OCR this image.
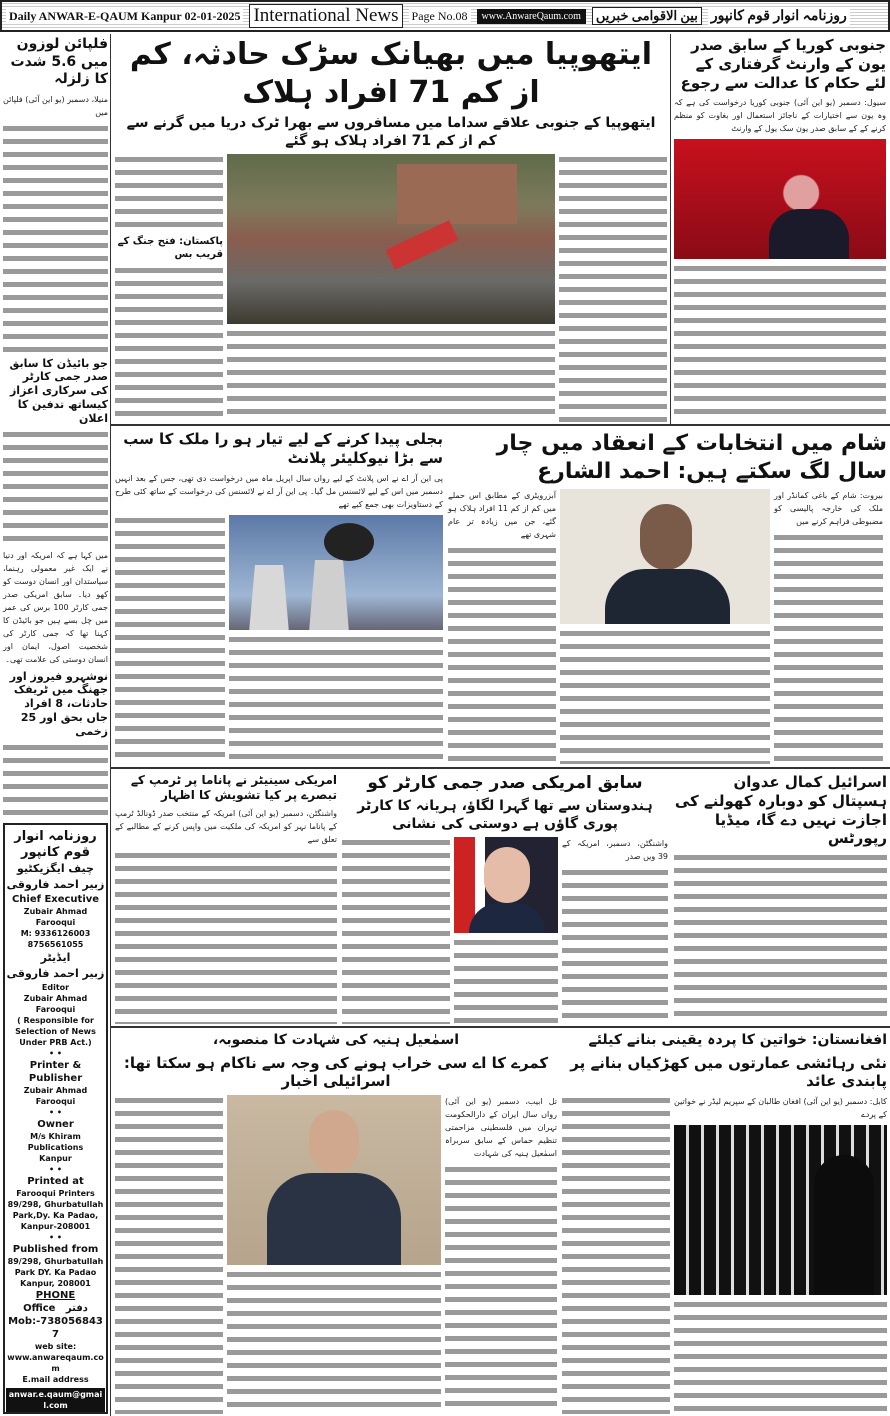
Daily ANWAR-E-QAUM Kanpur 02-01-2025 International News	Page No.08	www.AnwareQaum.com	بین الاقوامی خبریں روزنامہ انوار قوم کانپور
فلپائن لوزون میں 5.6 شدت کا زلزلہ
منیلا، دسمبر (یو این آئی) فلپائن میں
جو بائیڈن کا سابق صدر جمی کارٹر کی سرکاری اعزاز کیساتھ تدفین کا اعلان
میں کہا ہے کہ امریکہ اور دنیا نے ایک غیر معمولی رہنما، سیاستدان اور انسان دوست کو کھو دیا۔ سابق امریکی صدر جمی کارٹر 100 برس کی عمر میں چل بسے ہیں جو بائیڈن کا کہنا تھا کہ جمی کارٹر کی شخصیت اصول، ایمان اور انسان دوستی کی علامت تھی۔
نوشہرو فیروز اور جھنگ میں ٹریفک حادثات، 8 افراد جاں بحق اور 25 زخمی
روزنامہ انوار قوم کانپور
چیف ایگزیکٹیو
زبیر احمد فاروقی
Chief Executive
Zubair Ahmad Farooqui
M: 9336126003
8756561055
ایڈیٹر
زبیر احمد فاروقی
Editor
Zubair Ahmad Farooqui
( Responsible for Selection of News Under PRB Act.)
• •
Printer & Publisher
Zubair Ahmad Farooqui
• •
Owner
M/s Khiram Publications
Kanpur
• •
Printed at
Farooqui Printers 89/298, Ghurbatullah Park,Dy. Ka Padao, Kanpur-208001
• •
Published from
89/298, Ghurbatullah Park DY. Ka Padao Kanpur, 208001
PHONE
Office دفتر
Mob:-7380568437
web site:
www.anwareqaum.com
E.mail address
anwar.e.qaum@gmail.com
ایتھوپیا میں بھیانک سڑک حادثہ، کم از کم 71 افراد ہلاک
ایتھوپیا کے جنوبی علاقے سداما میں مسافروں سے بھرا ٹرک دریا میں گرنے سے کم از کم 71 افراد ہلاک ہو گئے
پاکستان: فتح جنگ کے قریب بس
جنوبی کوریا کے سابق صدر یون کے وارنٹ گرفتاری کے لئے حکام کا عدالت سے رجوع
سیول: دسمبر (یو این آئی) جنوبی کوریا درخواست کی ہے کہ وہ یون سے اختیارات کے ناجائز استعمال اور بغاوت کو منظم کرنے کے کے سابق صدر یون سک یول کے وارنٹ
شام میں انتخابات کے انعقاد میں چار سال لگ سکتے ہیں: احمد الشارع
آبزرویٹری کے مطابق اس حملے میں کم از کم 11 افراد ہلاک ہو گئے، جن میں زیادہ تر عام شہری تھے
بیروت: شام کے باغی کمانڈر اور ملک کی خارجہ پالیسی کو مضبوطی فراہم کرنے میں
بجلی پیدا کرنے کے لیے تیار ہو را ملک کا سب سے بڑا نیوکلیئر پلانٹ
پی این آر اے نے اس پلانٹ کے لیے رواں سال اپریل ماہ میں درخواست دی تھی، جس کے بعد انہیں دسمبر میں اس کے لیے لائسنس مل گیا۔ پی این آر اے نے لائسنس کی درخواست کے ساتھ کئی طرح کے دستاویزات بھی جمع کیے تھے
اسرائیل کمال عدوان ہسپتال کو دوبارہ کھولنے کی اجازت نہیں دے گا، میڈیا رپورٹس
سابق امریکی صدر جمی کارٹر کو
ہندوستان سے تھا گہرا لگاؤ، ہریانہ کا کارٹر پوری گاؤں ہے دوستی کی نشانی
واشنگٹن، دسمبر، امریکہ کے 39 ویں صدر
امریکی سینیٹر نے پاناما پر ٹرمپ کے تبصرے پر کیا تشویش کا اظہار
واشنگٹن، دسمبر (یو این آئی) امریکہ کے منتخب صدر ڈونالڈ ٹرمپ کے پاناما نہر کو امریکہ کی ملکیت میں واپس کرنے کے مطالبے کے تعلق سے
افغانستان: خواتین کا پردہ یقینی بنانے کیلئے
نئی رہائشی عمارتوں میں کھڑکیاں بنانے پر پابندی عائد
کابل: دسمبر (یو این آئی) افغان طالبان کے سپریم لیڈر نے خواتین کے پردے
اسمٰعیل ہنیہ کی شہادت کا منصوبہ،
کمرے کا اے سی خراب ہونے کی وجہ سے ناکام ہو سکتا تھا: اسرائیلی اخبار
تل ابیب، دسمبر (یو این آئی) رواں سال ایران کے دارالحکومت تہران میں فلسطینی مزاحمتی تنظیم حماس کے سابق سربراہ اسمٰعیل ہنیہ کی شہادت
